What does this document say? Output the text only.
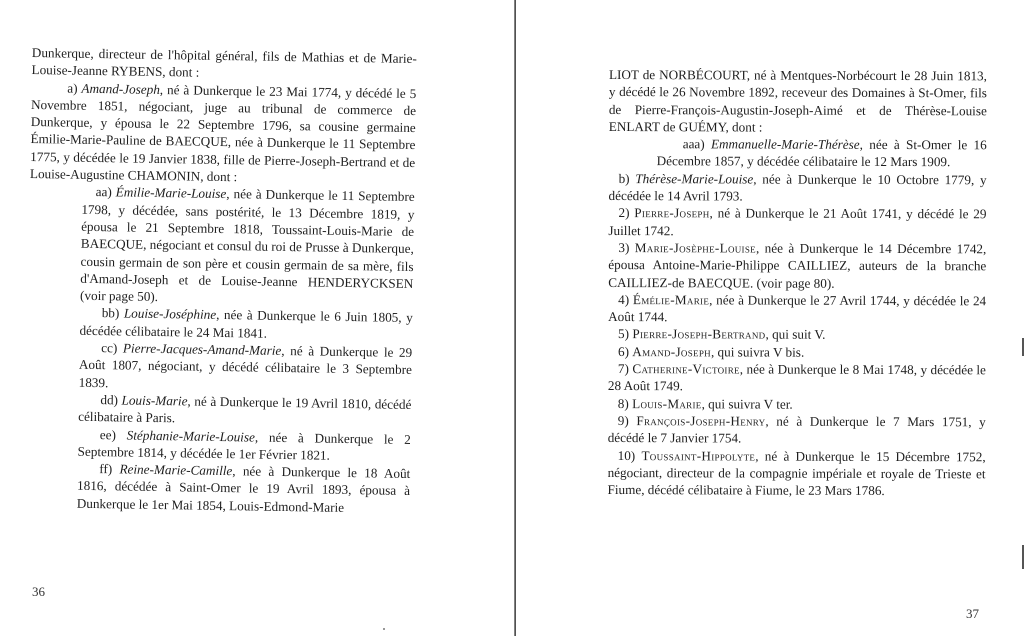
Dunkerque, directeur de l'hôpital général, fils de Mathias et de Marie-Louise-Jeanne RYBENS, dont :

a) Amand-Joseph, né à Dunkerque le 23 Mai 1774, y décédé le 5 Novembre 1851, négociant, juge au tribunal de commerce de Dunkerque, y épousa le 22 Septembre 1796, sa cousine germaine Émilie-Marie-Pauline de BAECQUE, née à Dunkerque le 11 Septembre 1775, y décédée le 19 Janvier 1838, fille de Pierre-Joseph-Bertrand et de Louise-Augustine CHAMONIN, dont :

aa) Émilie-Marie-Louise, née à Dunkerque le 11 Septembre 1798, y décédée, sans postérité, le 13 Décembre 1819, y épousa le 21 Septembre 1818, Toussaint-Louis-Marie de BAECQUE, négociant et consul du roi de Prusse à Dunkerque, cousin germain de son père et cousin germain de sa mère, fils d'Amand-Joseph et de Louise-Jeanne HENDERYCKSEN (voir page 50).

bb) Louise-Joséphine, née à Dunkerque le 6 Juin 1805, y décédée célibataire le 24 Mai 1841.

cc) Pierre-Jacques-Amand-Marie, né à Dunkerque le 29 Août 1807, négociant, y décédé célibataire le 3 Septembre 1839.

dd) Louis-Marie, né à Dunkerque le 19 Avril 1810, décédé célibataire à Paris.

ee) Stéphanie-Marie-Louise, née à Dunkerque le 2 Septembre 1814, y décédée le 1er Février 1821.

ff) Reine-Marie-Camille, née à Dunkerque le 18 Août 1816, décédée à Saint-Omer le 19 Avril 1893, épousa à Dunkerque le 1er Mai 1854, Louis-Edmond-Marie

36

LIOT de NORBÉCOURT, né à Mentques-Norbécourt le 28 Juin 1813, y décédé le 26 Novembre 1892, receveur des Domaines à St-Omer, fils de Pierre-François-Augustin-Joseph-Aimé et de Thérèse-Louise ENLART de GUÉMY, dont :

aaa) Emmanuelle-Marie-Thérèse, née à St-Omer le 16 Décembre 1857, y décédée célibataire le 12 Mars 1909.

b) Thérèse-Marie-Louise, née à Dunkerque le 10 Octobre 1779, y décédée le 14 Avril 1793.

2) Pierre-Joseph, né à Dunkerque le 21 Août 1741, y décédé le 29 Juillet 1742.

3) Marie-Josèphe-Louise, née à Dunkerque le 14 Décembre 1742, épousa Antoine-Marie-Philippe CAILLIEZ, auteurs de la branche CAILLIEZ-de BAECQUE. (voir page 80).

4) Émélie-Marie, née à Dunkerque le 27 Avril 1744, y décédée le 24 Août 1744.

5) Pierre-Joseph-Bertrand, qui suit V.

6) Amand-Joseph, qui suivra V bis.

7) Catherine-Victoire, née à Dunkerque le 8 Mai 1748, y décédée le 28 Août 1749.

8) Louis-Marie, qui suivra V ter.

9) François-Joseph-Henry, né à Dunkerque le 7 Mars 1751, y décédé le 7 Janvier 1754.

10) Toussaint-Hippolyte, né à Dunkerque le 15 Décembre 1752, négociant, directeur de la compagnie impériale et royale de Trieste et Fiume, décédé célibataire à Fiume, le 23 Mars 1786.

37
